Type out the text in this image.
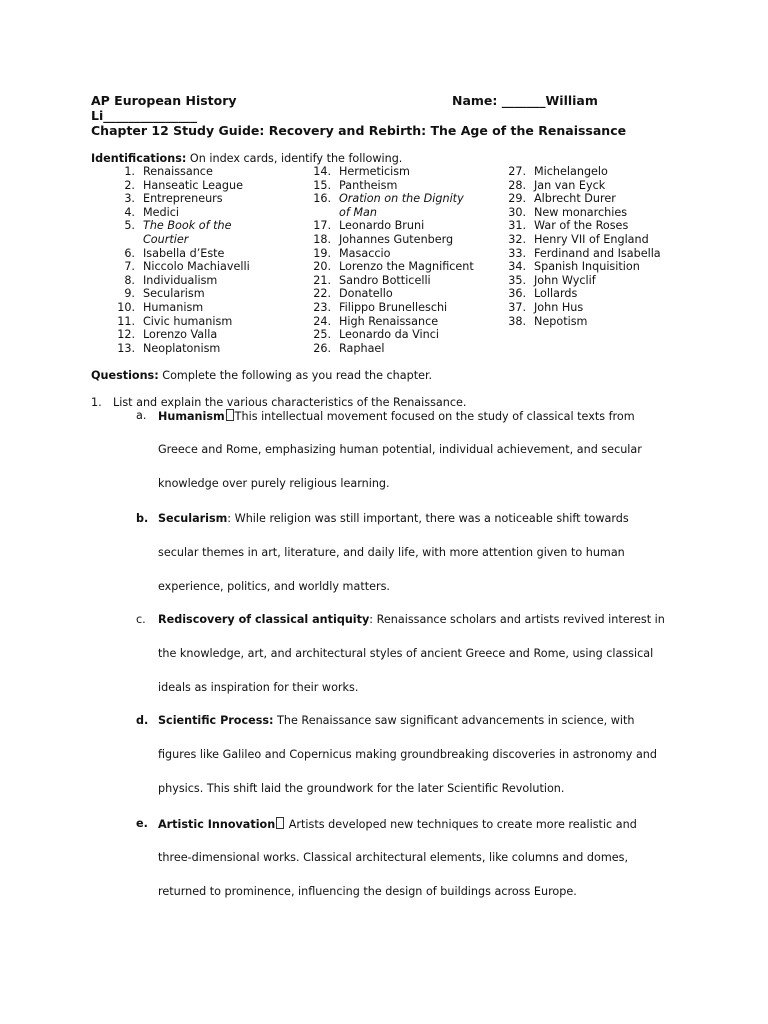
AP European History	Name: _______William
Li_______________
Chapter 12 Study Guide: Recovery and Rebirth: The Age of the Renaissance
Identifications: On index cards, identify the following.
1. Renaissance
2. Hanseatic League
3. Entrepreneurs
4. Medici
5. The Book of the
Courtier
6. Isabella d’Este
7. Niccolo Machiavelli
8. Individualism
9. Secularism
10. Humanism
11. Civic humanism
12. Lorenzo Valla
13. Neoplatonism
14. Hermeticism
15. Pantheism
16. Oration on the Dignity
of Man
17. Leonardo Bruni
18. Johannes Gutenberg
19. Masaccio
20. Lorenzo the Magnificent
21. Sandro Botticelli
22. Donatello
23. Filippo Brunelleschi
24. High Renaissance
25. Leonardo da Vinci
26. Raphael
27. Michelangelo
28. Jan van Eyck
29. Albrecht Durer
30. New monarchies
31. War of the Roses
32. Henry VII of England
33. Ferdinand and Isabella
34. Spanish Inquisition
35. John Wyclif
36. Lollards
37. John Hus
38. Nepotism
Questions: Complete the following as you read the chapter.
1. List and explain the various characteristics of the Renaissance.
a. Humanism This intellectual movement focused on the study of classical texts from
Greece and Rome, emphasizing human potential, individual achievement, and secular
knowledge over purely religious learning.
b. Secularism: While religion was still important, there was a noticeable shift towards
secular themes in art, literature, and daily life, with more attention given to human
experience, politics, and worldly matters.
c. Rediscovery of classical antiquity: Renaissance scholars and artists revived interest in
the knowledge, art, and architectural styles of ancient Greece and Rome, using classical
ideals as inspiration for their works.
d. Scientific Process: The Renaissance saw significant advancements in science, with
figures like Galileo and Copernicus making groundbreaking discoveries in astronomy and
physics. This shift laid the groundwork for the later Scientific Revolution.
e. Artistic Innovation Artists developed new techniques to create more realistic and
three-dimensional works. Classical architectural elements, like columns and domes,
returned to prominence, influencing the design of buildings across Europe.
